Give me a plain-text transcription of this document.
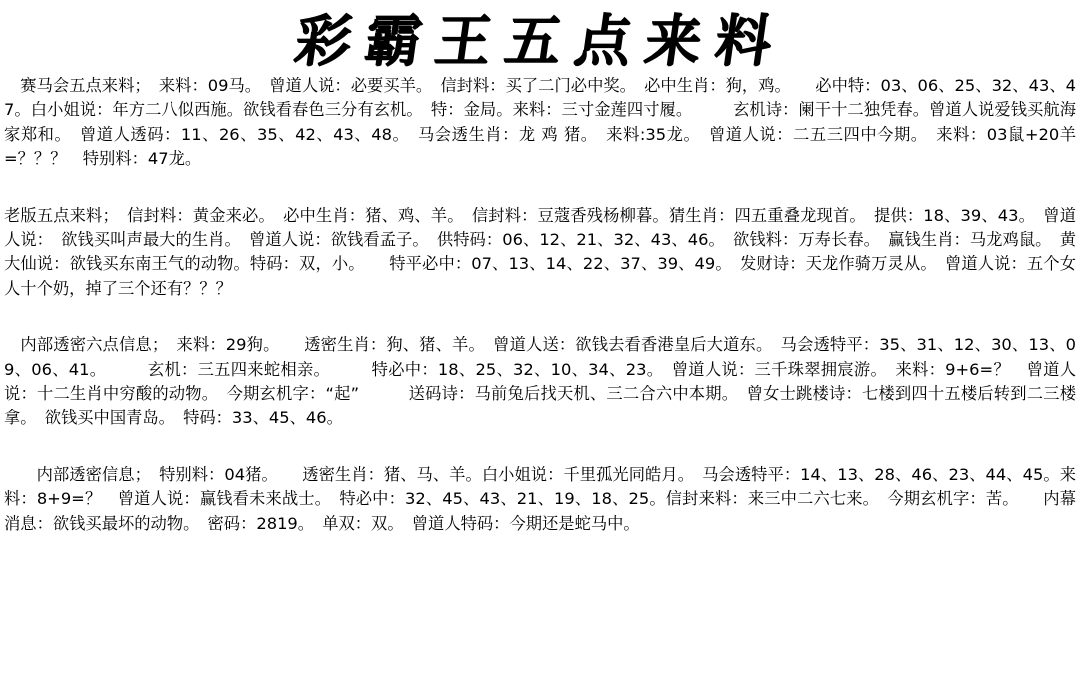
彩霸王五点来料

　赛马会五点来料；　来料：09马。　曾道人说：必要买羊。　信封料：买了二门必中奖。　必中生肖：狗，鸡。　　必中特：03、06、25、32、43、47。白小姐说：年方二八似西施。欲钱看春色三分有玄机。　特：金局。来料：三寸金莲四寸履。　　　玄机诗：阑干十二独凭春。曾道人说爱钱买航海家郑和。　曾道人透码：11、26、35、42、43、48。　马会透生肖：龙 鸡 猪。　来料:35龙。　曾道人说：二五三四中今期。　来料：03鼠+20羊=？？？　特别料：47龙。

老版五点来料；　信封料：黄金来必。　必中生肖：猪、鸡、羊。　信封料：豆蔻香残杨柳暮。猜生肖：四五重叠龙现首。　提供：18、39、43。　曾道人说：　欲钱买叫声最大的生肖。　曾道人说：欲钱看孟子。　供特码：06、12、21、32、43、46。　欲钱料：万寿长春。　赢钱生肖：马龙鸡鼠。　黄大仙说：欲钱买东南王气的动物。特码：双，小。　　特平必中：07、13、14、22、37、39、49。　发财诗：天龙作骑万灵从。　曾道人说：五个女人十个奶，掉了三个还有？？？

　内部透密六点信息；　来料：29狗。　　透密生肖：狗、猪、羊。　曾道人送：欲钱去看香港皇后大道东。　马会透特平：35、31、12、30、13、09、06、41。　　　玄机：三五四来蛇相亲。　　　特必中：18、25、32、10、34、23。　曾道人说：三千珠翠拥宸游。　来料：9+6=？　曾道人说：十二生肖中穷酸的动物。　今期玄机字：“起”　　　送码诗：马前兔后找天机、三二合六中本期。　曾女士跳楼诗：七楼到四十五楼后转到二三楼拿。　欲钱买中国青岛。　特码：33、45、46。

　　内部透密信息；　特别料：04猪。　　透密生肖：猪、马、羊。白小姐说：千里孤光同皓月。　马会透特平：14、13、28、46、23、44、45。来料：8+9=？　曾道人说：赢钱看未来战士。　特必中：32、45、43、21、19、18、25。信封来料：来三中二六七来。　今期玄机字：苦。　　内幕消息：欲钱买最坏的动物。　密码：2819。　单双：双。　曾道人特码：今期还是蛇马中。
